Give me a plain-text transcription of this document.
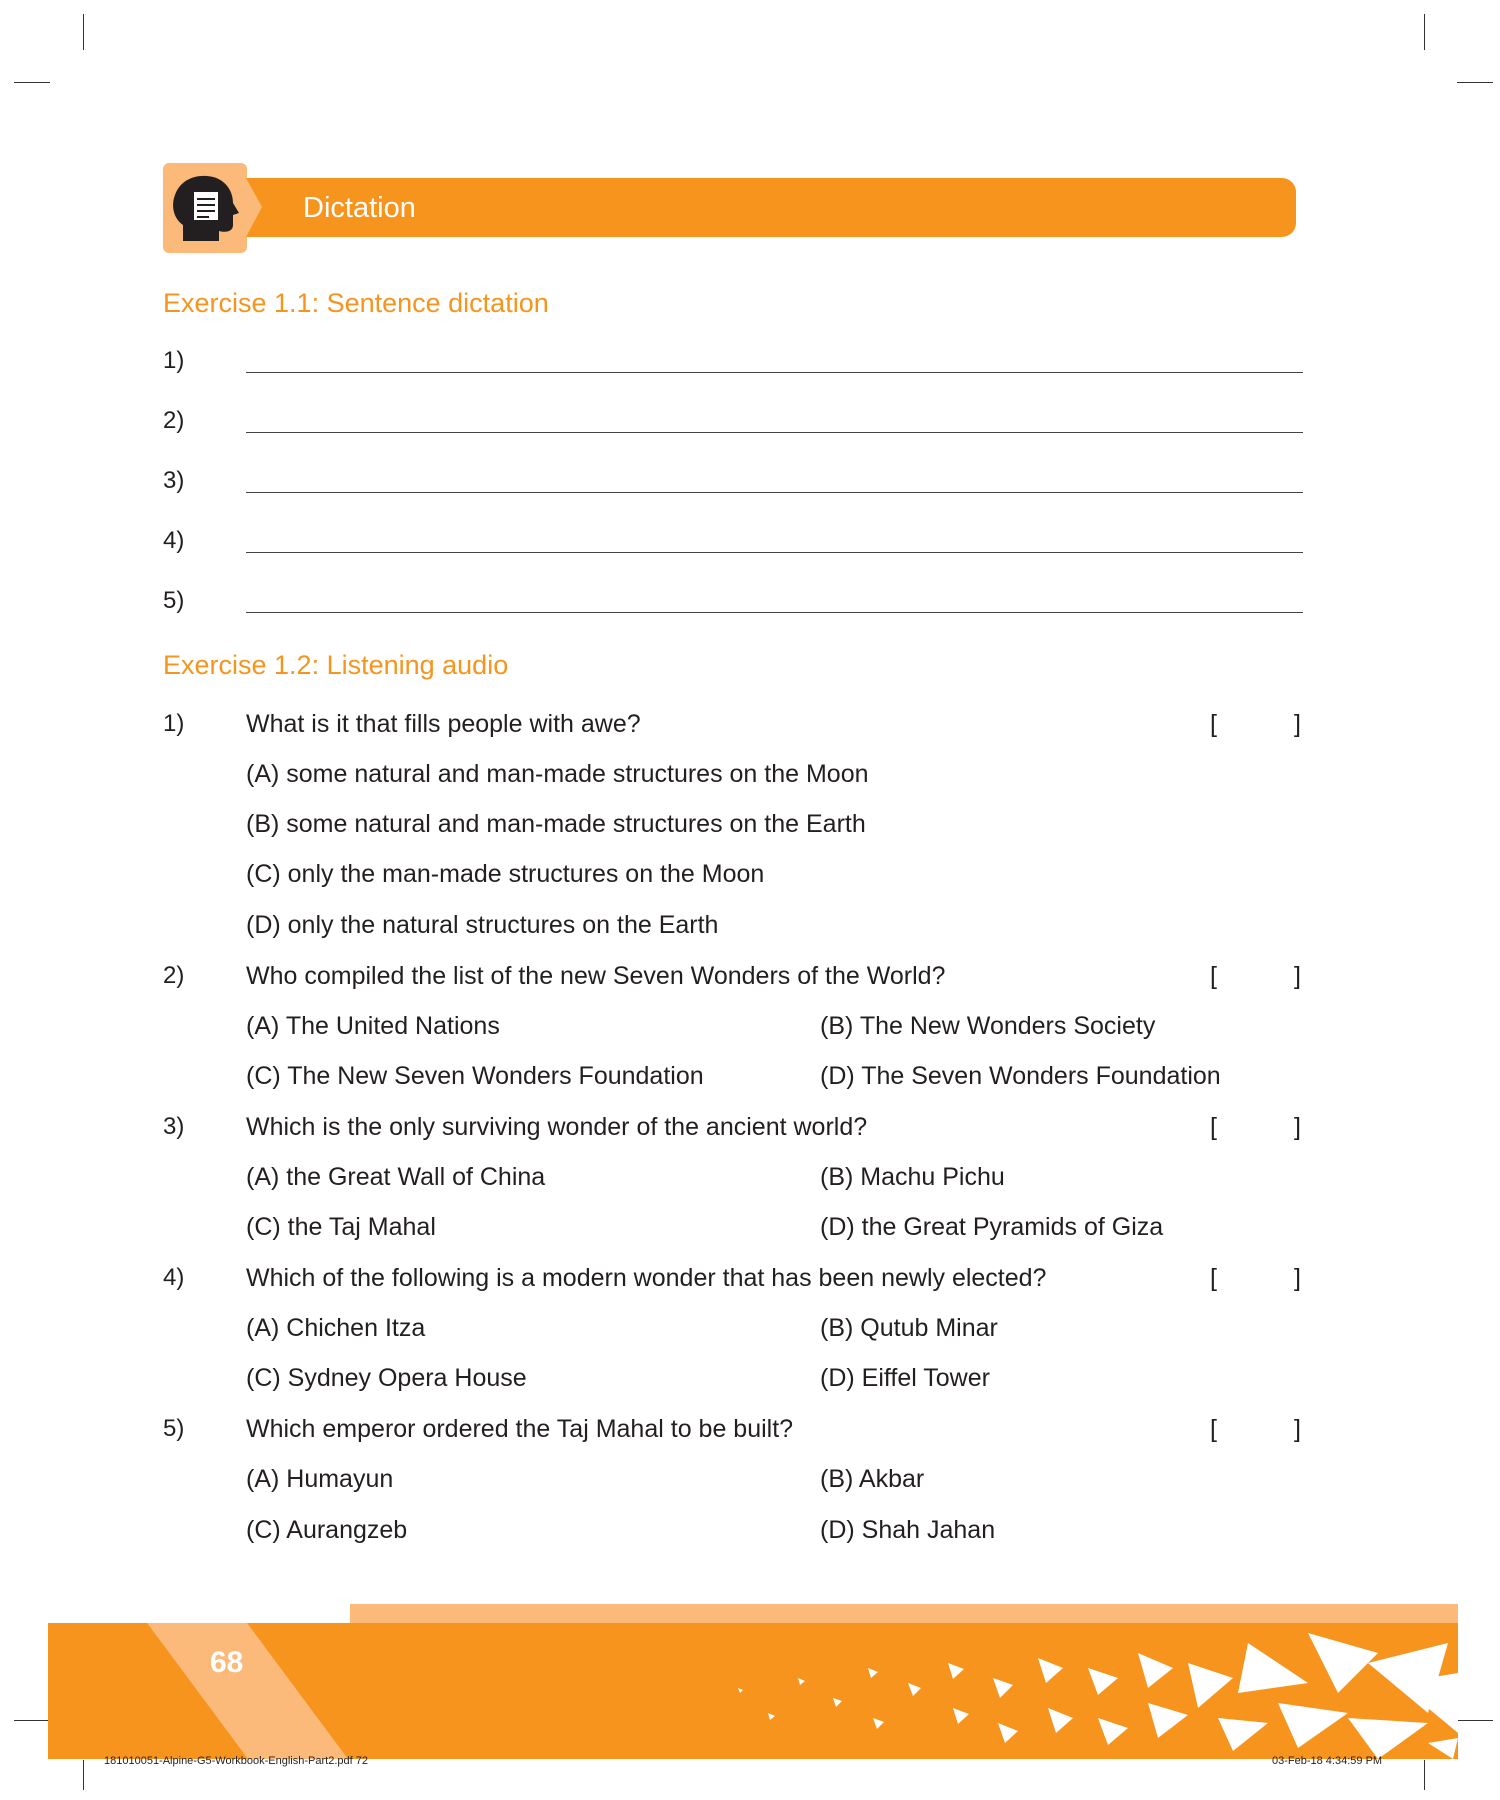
Dictation
Exercise 1.1: Sentence dictation
1)
2)
3)
4)
5)
Exercise 1.2: Listening audio
1) What is it that fills people with awe?	[	]
(A) some natural and man-made structures on the Moon
(B) some natural and man-made structures on the Earth
(C) only the man-made structures on the Moon
(D) only the natural structures on the Earth
2) Who compiled the list of the new Seven Wonders of the World?	[	]
(A) The United Nations	(B) The New Wonders Society
(C) The New Seven Wonders Foundation	(D) The Seven Wonders Foundation
3) Which is the only surviving wonder of the ancient world?	[	]
(A) the Great Wall of China	(B) Machu Pichu
(C) the Taj Mahal	(D) the Great Pyramids of Giza
4) Which of the following is a modern wonder that has been newly elected?	[	]
(A) Chichen Itza	(B) Qutub Minar
(C) Sydney Opera House	(D) Eiffel Tower
5) Which emperor ordered the Taj Mahal to be built?	[	]
(A) Humayun	(B) Akbar
(C) Aurangzeb	(D) Shah Jahan
68
181010051-Alpine-G5-Workbook-English-Part2.pdf 72	03-Feb-18 4:34:59 PM
